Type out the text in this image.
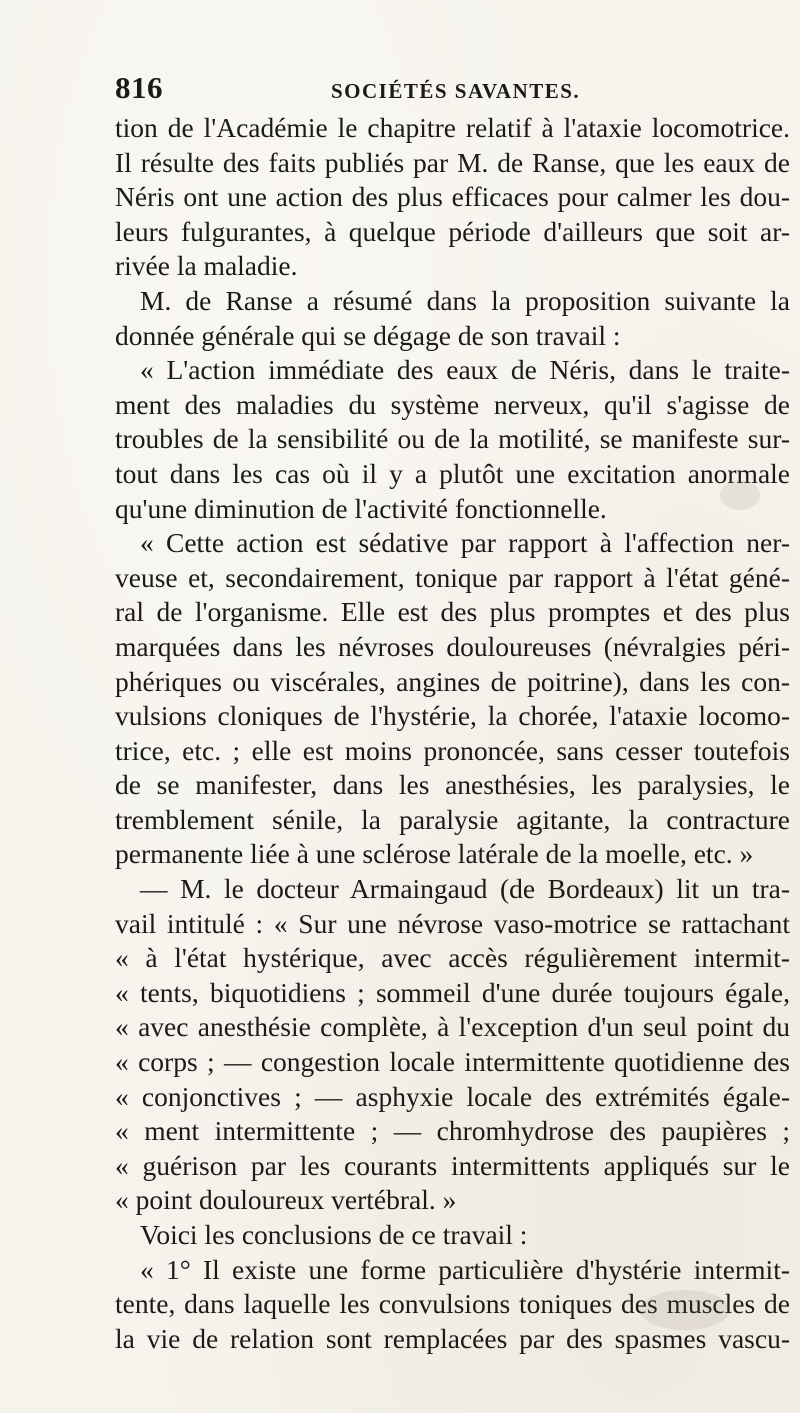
816	SOCIÉTÉS SAVANTES.
tion de l'Académie le chapitre relatif à l'ataxie locomotrice.
Il résulte des faits publiés par M. de Ranse, que les eaux de
Néris ont une action des plus efficaces pour calmer les dou-
leurs fulgurantes, à quelque période d'ailleurs que soit ar-
rivée la maladie.
M. de Ranse a résumé dans la proposition suivante la
donnée générale qui se dégage de son travail :
« L'action immédiate des eaux de Néris, dans le traite-
ment des maladies du système nerveux, qu'il s'agisse de
troubles de la sensibilité ou de la motilité, se manifeste sur-
tout dans les cas où il y a plutôt une excitation anormale
qu'une diminution de l'activité fonctionnelle.
« Cette action est sédative par rapport à l'affection ner-
veuse et, secondairement, tonique par rapport à l'état géné-
ral de l'organisme. Elle est des plus promptes et des plus
marquées dans les névroses douloureuses (névralgies péri-
phériques ou viscérales, angines de poitrine), dans les con-
vulsions cloniques de l'hystérie, la chorée, l'ataxie locomo-
trice, etc. ; elle est moins prononcée, sans cesser toutefois
de se manifester, dans les anesthésies, les paralysies, le
tremblement sénile, la paralysie agitante, la contracture
permanente liée à une sclérose latérale de la moelle, etc. »
— M. le docteur Armaingaud (de Bordeaux) lit un tra-
vail intitulé : « Sur une névrose vaso-motrice se rattachant
« à l'état hystérique, avec accès régulièrement intermit-
« tents, biquotidiens ; sommeil d'une durée toujours égale,
« avec anesthésie complète, à l'exception d'un seul point du
« corps ; — congestion locale intermittente quotidienne des
« conjonctives ; — asphyxie locale des extrémités égale-
« ment intermittente ; — chromhydrose des paupières ;
« guérison par les courants intermittents appliqués sur le
« point douloureux vertébral. »
Voici les conclusions de ce travail :
« 1° Il existe une forme particulière d'hystérie intermit-
tente, dans laquelle les convulsions toniques des muscles de
la vie de relation sont remplacées par des spasmes vascu-
